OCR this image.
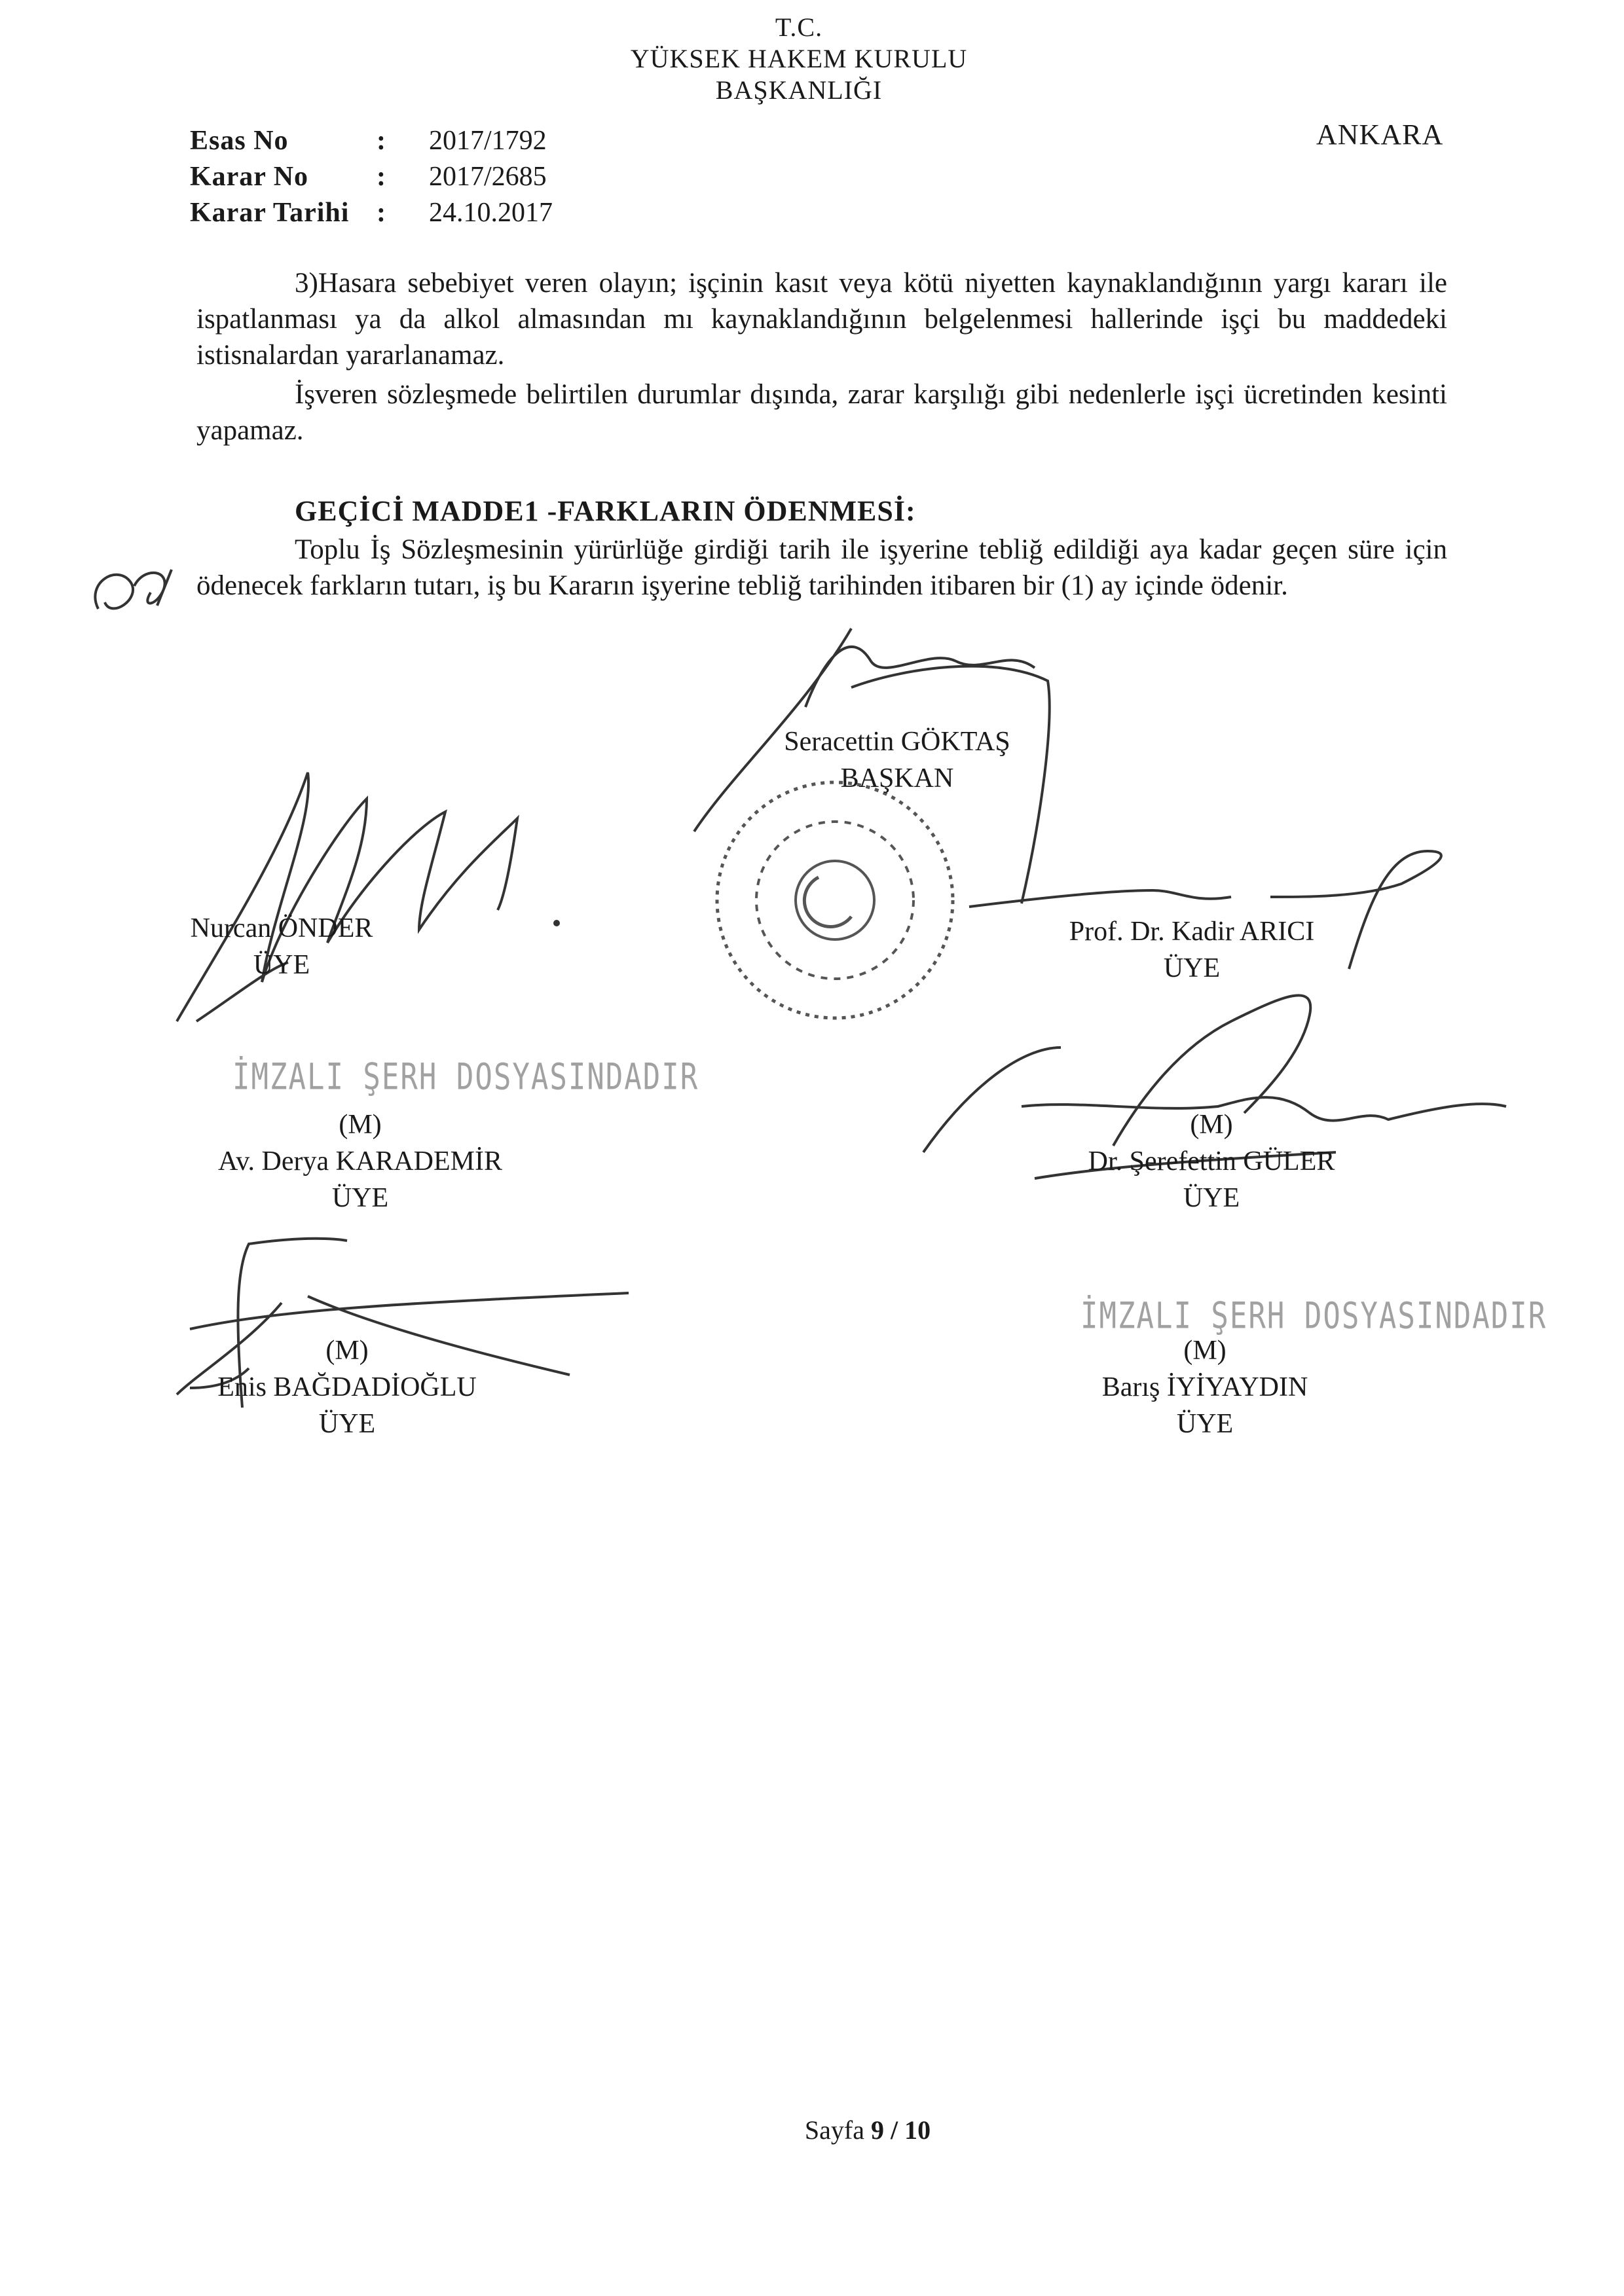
T.C.
YÜKSEK HAKEM KURULU
BAŞKANLIĞI
Esas No	: 2017/1792
Karar No : 2017/2685
Karar Tarihi : 24.10.2017
ANKARA
3)Hasara sebebiyet veren olayın; işçinin kasıt veya kötü niyetten kaynaklandığının yargı kararı ile ispatlanması ya da alkol almasından mı kaynaklandığının belgelenmesi hallerinde işçi bu maddedeki istisnalardan yararlanamaz.
İşveren sözleşmede belirtilen durumlar dışında, zarar karşılığı gibi nedenlerle işçi ücretinden kesinti yapamaz.
GEÇİCİ MADDE1 -FARKLARIN ÖDENMESİ:
Toplu İş Sözleşmesinin yürürlüğe girdiği tarih ile işyerine tebliğ edildiği aya kadar geçen süre için ödenecek farkların tutarı, iş bu Kararın işyerine tebliğ tarihinden itibaren bir (1) ay içinde ödenir.
Seracettin GÖKTAŞ
BAŞKAN
Nurcan ÖNDER
ÜYE
Prof. Dr. Kadir ARICI
ÜYE
İMZALI ŞERH DOSYASINDADIR
(M)
Av. Derya KARADEMİR
ÜYE
(M)
Dr. Şerefettin GÜLER
ÜYE
İMZALI ŞERH DOSYASINDADIR
(M)
Enis BAĞDADİOĞLU
ÜYE
(M)
Barış İYİYAYDIN
ÜYE
Sayfa 9 / 10
